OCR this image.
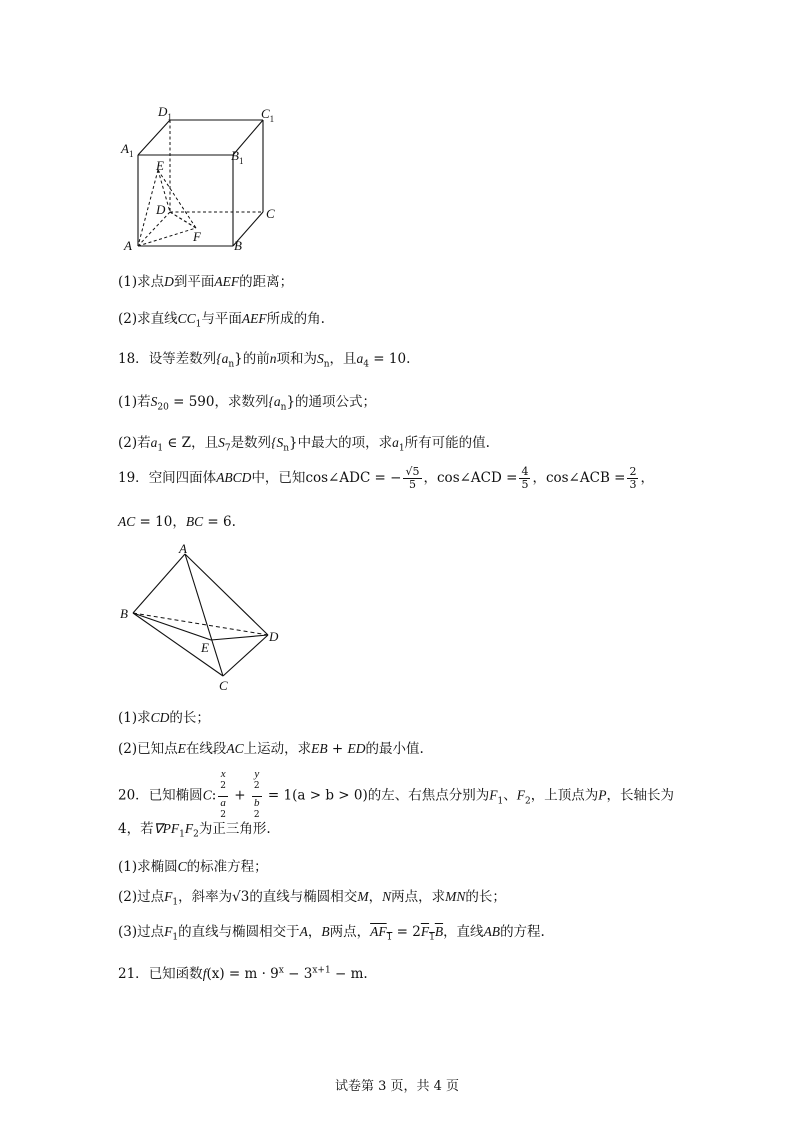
$D_1$	$C_1$
$A_1$	$B_1$
E
D	C
A
F
B
(1)求点D到平面AEF的距离；
(2)求直线$CC_1$与平面AEF所成的角.
18．设等差数列$\{a_n\}$的前n项和为$S_n$，且$a_4 = 10$.
(1)若$S_{20} = 590$，求数列$\{a_n\}$的通项公式；
(2)若$a_1$ ∈ Z，且$S_7$是数列$\{S_n\}$中最大的项，求$a_1$所有可能的值.
19．空间四面体ABCD中，已知cos∠ADC = − $\frac{√5}{5}$ ，cos∠ACD = $\frac{4}{5}$ ，cos∠ACB = $\frac{2}{3}$ ，
AC = 10，BC = 6.
A
B
D
E
C
(1)求CD的长；
(2)已知点E在线段AC上运动，求EB + ED的最小值.
20．已知椭圆C: x
$^2$
a
$^2$ + y
$^2$
b
$^2$ = 1(a > b > 0)的左、右焦点分别为$F_1$、$F_2$，上顶点为P，长轴长为
4，若$\nabla PF_1F_2$为正三角形.
(1)求椭圆C的标准方程；
(2)过点$F_1$，斜率为√3的直线与椭圆相交M，N两点，求MN的长；
(3)过点$F_1$的直线与椭圆相交于A，B两点，$AF_1 = 2F_1B$，直线AB的方程.
21．已知函数$f(x) = m \cdot 9^x - 3^{x+1} - m$.
试卷第 3 页，共 4 页
